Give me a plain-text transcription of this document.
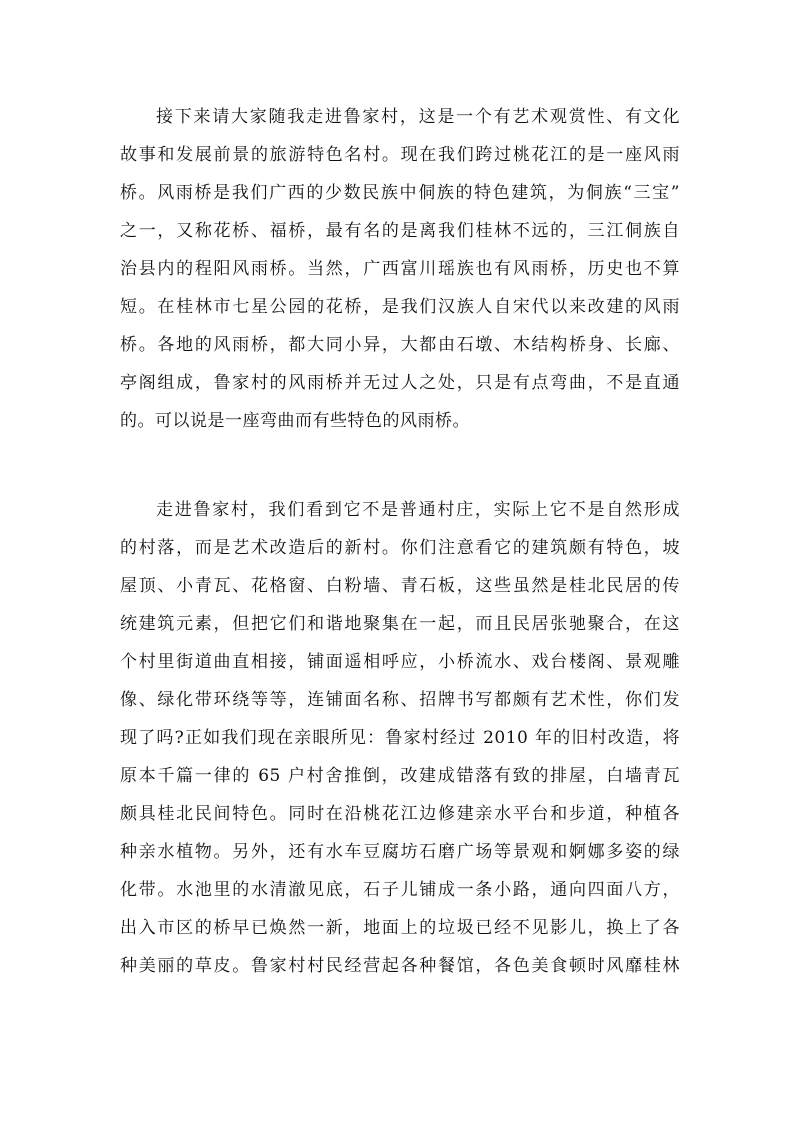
接下来请大家随我走进鲁家村，这是一个有艺术观赏性、有文化
故事和发展前景的旅游特色名村。现在我们跨过桃花江的是一座风雨
桥。风雨桥是我们广西的少数民族中侗族的特色建筑，为侗族“三宝”
之一，又称花桥、福桥，最有名的是离我们桂林不远的，三江侗族自
治县内的程阳风雨桥。当然，广西富川瑶族也有风雨桥，历史也不算
短。在桂林市七星公园的花桥，是我们汉族人自宋代以来改建的风雨
桥。各地的风雨桥，都大同小异，大都由石墩、木结构桥身、长廊、
亭阁组成，鲁家村的风雨桥并无过人之处，只是有点弯曲，不是直通
的。可以说是一座弯曲而有些特色的风雨桥。
走进鲁家村，我们看到它不是普通村庄，实际上它不是自然形成
的村落，而是艺术改造后的新村。你们注意看它的建筑颇有特色，坡
屋顶、小青瓦、花格窗、白粉墙、青石板，这些虽然是桂北民居的传
统建筑元素，但把它们和谐地聚集在一起，而且民居张驰聚合，在这
个村里街道曲直相接，铺面遥相呼应，小桥流水、戏台楼阁、景观雕
像、绿化带环绕等等，连铺面名称、招牌书写都颇有艺术性，你们发
现了吗?正如我们现在亲眼所见：鲁家村经过 2010 年的旧村改造，将
原本千篇一律的 65 户村舍推倒，改建成错落有致的排屋，白墙青瓦
颇具桂北民间特色。同时在沿桃花江边修建亲水平台和步道，种植各
种亲水植物。另外，还有水车豆腐坊石磨广场等景观和婀娜多姿的绿
化带。水池里的水清澈见底，石子儿铺成一条小路，通向四面八方，
出入市区的桥早已焕然一新，地面上的垃圾已经不见影儿，换上了各
种美丽的草皮。鲁家村村民经营起各种餐馆，各色美食顿时风靡桂林
